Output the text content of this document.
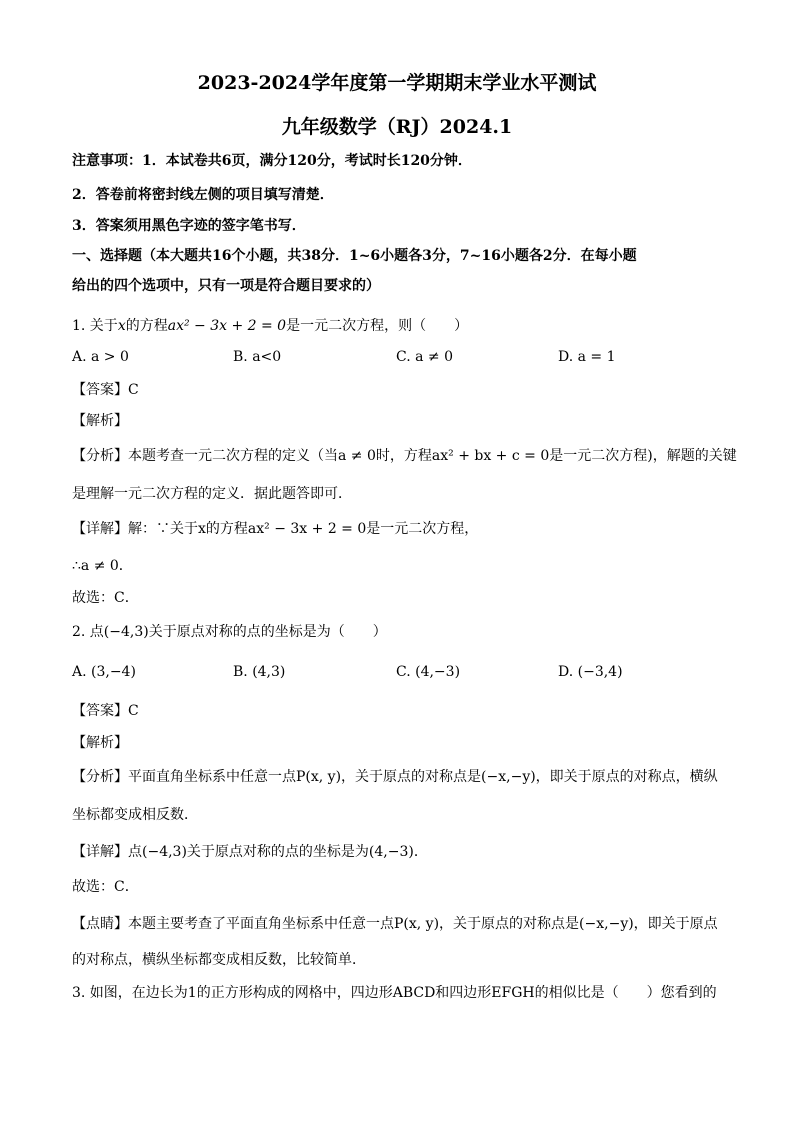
2023-2024学年度第一学期期末学业水平测试
九年级数学（RJ）2024.1
注意事项：1．本试卷共6页，满分120分，考试时长120分钟．
2．答卷前将密封线左侧的项目填写清楚．
3．答案须用黑色字迹的签字笔书写．
一、选择题（本大题共16个小题，共38分．1~6小题各3分，7~16小题各2分．在每小题
给出的四个选项中，只有一项是符合题目要求的）
1. 关于x的方程ax² − 3x + 2 = 0是一元二次方程，则（　　）
A. a > 0	B. a<0	C. a ≠ 0	D. a = 1
【答案】C
【解析】
【分析】本题考查一元二次方程的定义（当a ≠ 0时，方程ax² + bx + c = 0是一元二次方程)，解题的关键
是理解一元二次方程的定义．据此题答即可．
【详解】解：∵关于x的方程ax² − 3x + 2 = 0是一元二次方程，
∴a ≠ 0．
故选：C．
2. 点(−4,3)关于原点对称的点的坐标是为（　　）
A. (3,−4)	B. (4,3)	C. (4,−3)	D. (−3,4)
【答案】C
【解析】
【分析】平面直角坐标系中任意一点P(x, y)，关于原点的对称点是(−x,−y)，即关于原点的对称点，横纵
坐标都变成相反数．
【详解】点(−4,3)关于原点对称的点的坐标是为(4,−3)．
故选：C．
【点睛】本题主要考查了平面直角坐标系中任意一点P(x, y)，关于原点的对称点是(−x,−y)，即关于原点
的对称点，横纵坐标都变成相反数，比较简单．
3. 如图，在边长为1的正方形构成的网格中，四边形ABCD和四边形EFGH的相似比是（　　）您看到的
